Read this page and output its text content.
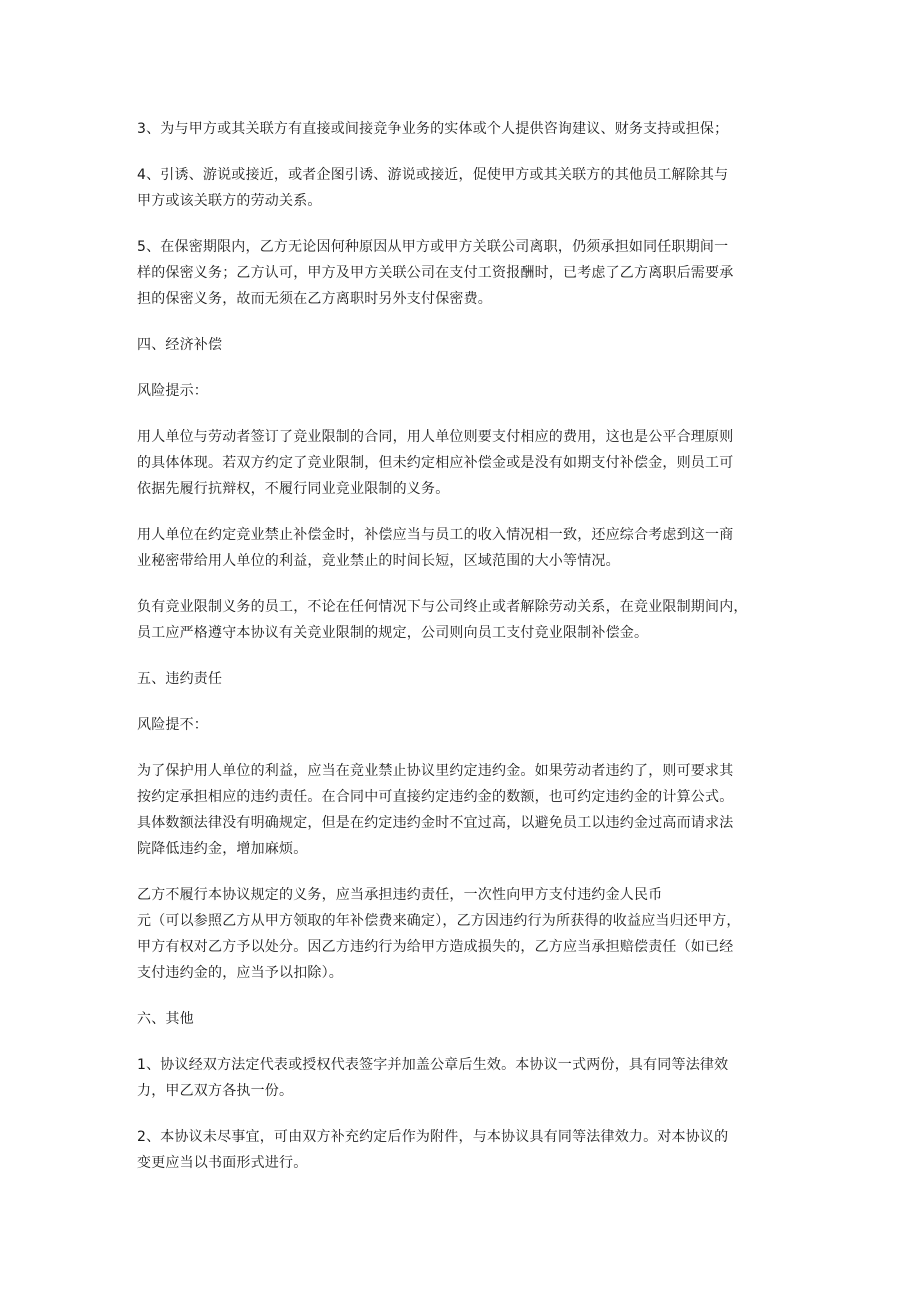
3、为与甲方或其关联方有直接或间接竞争业务的实体或个人提供咨询建议、财务支持或担保；
4、引诱、游说或接近，或者企图引诱、游说或接近，促使甲方或其关联方的其他员工解除其与
甲方或该关联方的劳动关系。
5、在保密期限内，乙方无论因何种原因从甲方或甲方关联公司离职，仍须承担如同任职期间一
样的保密义务；乙方认可，甲方及甲方关联公司在支付工资报酬时，已考虑了乙方离职后需要承
担的保密义务，故而无须在乙方离职时另外支付保密费。
四、经济补偿
风险提示：
用人单位与劳动者签订了竞业限制的合同，用人单位则要支付相应的费用，这也是公平合理原则
的具体体现。若双方约定了竞业限制，但未约定相应补偿金或是没有如期支付补偿金，则员工可
依据先履行抗辩权，不履行同业竞业限制的义务。
用人单位在约定竞业禁止补偿金时，补偿应当与员工的收入情况相一致，还应综合考虑到这一商
业秘密带给用人单位的利益，竞业禁止的时间长短，区域范围的大小等情况。
负有竞业限制义务的员工，不论在任何情况下与公司终止或者解除劳动关系，在竞业限制期间内，
员工应严格遵守本协议有关竞业限制的规定，公司则向员工支付竞业限制补偿金。
五、违约责任
风险提不：
为了保护用人单位的利益，应当在竞业禁止协议里约定违约金。如果劳动者违约了，则可要求其
按约定承担相应的违约责任。在合同中可直接约定违约金的数额，也可约定违约金的计算公式。
具体数额法律没有明确规定，但是在约定违约金时不宜过高，以避免员工以违约金过高而请求法
院降低违约金，增加麻烦。
乙方不履行本协议规定的义务，应当承担违约责任，一次性向甲方支付违约金人民币
元（可以参照乙方从甲方领取的年补偿费来确定），乙方因违约行为所获得的收益应当归还甲方，
甲方有权对乙方予以处分。因乙方违约行为给甲方造成损失的，乙方应当承担赔偿责任（如已经
支付违约金的，应当予以扣除）。
六、其他
1、协议经双方法定代表或授权代表签字并加盖公章后生效。本协议一式两份，具有同等法律效
力，甲乙双方各执一份。
2、本协议未尽事宜，可由双方补充约定后作为附件，与本协议具有同等法律效力。对本协议的
变更应当以书面形式进行。
